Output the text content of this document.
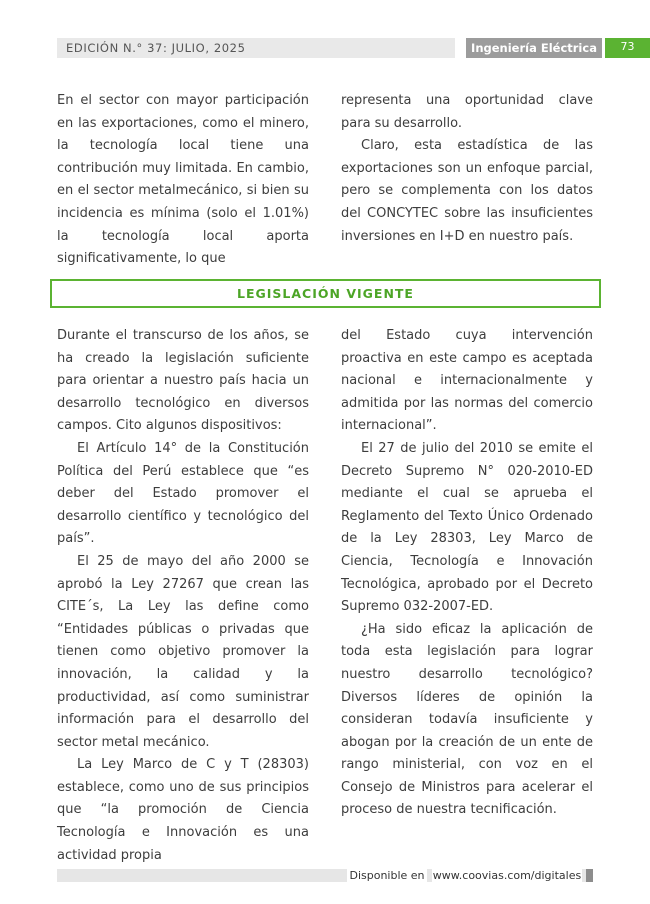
EDICIÓN N.° 37: JULIO, 2025	Ingeniería Eléctrica	73

En el sector con mayor participación en las exportaciones, como el minero, la tecnología local tiene una contribución muy limitada. En cambio, en el sector metalmecánico, si bien su incidencia es mínima (solo el 1.01%) la tecnología local aporta significativamente, lo que

representa una oportunidad clave para su desarrollo.

Claro, esta estadística de las exportaciones son un enfoque parcial, pero se complementa con los datos del CONCYTEC sobre las insuficientes inversiones en I+D en nuestro país.

LEGISLACIÓN VIGENTE

Durante el transcurso de los años, se ha creado la legislación suficiente para orientar a nuestro país hacia un desarrollo tecnológico en diversos campos. Cito algunos dispositivos:

El Artículo 14° de la Constitución Política del Perú establece que “es deber del Estado promover el desarrollo científico y tecnológico del país”.

El 25 de mayo del año 2000 se aprobó la Ley 27267 que crean las CITE´s, La Ley las define como “Entidades públicas o privadas que tienen como objetivo promover la innovación, la calidad y la productividad, así como suministrar información para el desarrollo del sector metal mecánico.

La Ley Marco de C y T (28303) establece, como uno de sus principios que “la promoción de Ciencia Tecnología e Innovación es una actividad propia

del Estado cuya intervención proactiva en este campo es aceptada nacional e internacionalmente y admitida por las normas del comercio internacional”.

El 27 de julio del 2010 se emite el Decreto Supremo N° 020-2010-ED mediante el cual se aprueba el Reglamento del Texto Único Ordenado de la Ley 28303, Ley Marco de Ciencia, Tecnología e Innovación Tecnológica, aprobado por el Decreto Supremo 032-2007-ED.

¿Ha sido eficaz la aplicación de toda esta legislación para lograr nuestro desarrollo tecnológico? Diversos líderes de opinión la consideran todavía insuficiente y abogan por la creación de un ente de rango ministerial, con voz en el Consejo de Ministros para acelerar el proceso de nuestra tecnificación.

Disponible en www.coovias.com/digitales
